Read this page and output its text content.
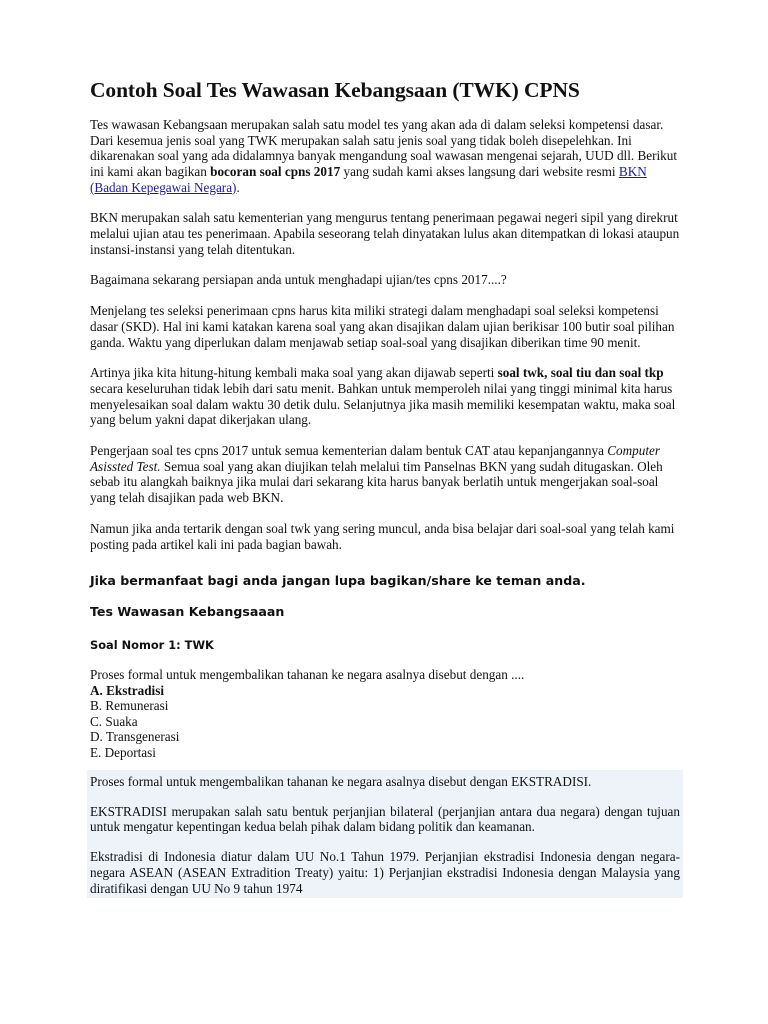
Contoh Soal Tes Wawasan Kebangsaan (TWK) CPNS

Tes wawasan Kebangsaan merupakan salah satu model tes yang akan ada di dalam seleksi kompetensi dasar. Dari kesemua jenis soal yang TWK merupakan salah satu jenis soal yang tidak boleh disepelehkan. Ini dikarenakan soal yang ada didalamnya banyak mengandung soal wawasan mengenai sejarah, UUD dll. Berikut ini kami akan bagikan bocoran soal cpns 2017 yang sudah kami akses langsung dari website resmi BKN (Badan Kepegawai Negara).

BKN merupakan salah satu kementerian yang mengurus tentang penerimaan pegawai negeri sipil yang direkrut melalui ujian atau tes penerimaan. Apabila seseorang telah dinyatakan lulus akan ditempatkan di lokasi ataupun instansi-instansi yang telah ditentukan.

Bagaimana sekarang persiapan anda untuk menghadapi ujian/tes cpns 2017....?

Menjelang tes seleksi penerimaan cpns harus kita miliki strategi dalam menghadapi soal seleksi kompetensi dasar (SKD). Hal ini kami katakan karena soal yang akan disajikan dalam ujian berikisar 100 butir soal pilihan ganda. Waktu yang diperlukan dalam menjawab setiap soal-soal yang disajikan diberikan time 90 menit.

Artinya jika kita hitung-hitung kembali maka soal yang akan dijawab seperti soal twk, soal tiu dan soal tkp secara keseluruhan tidak lebih dari satu menit. Bahkan untuk memperoleh nilai yang tinggi minimal kita harus menyelesaikan soal dalam waktu 30 detik dulu. Selanjutnya jika masih memiliki kesempatan waktu, maka soal yang belum yakni dapat dikerjakan ulang.

Pengerjaan soal tes cpns 2017 untuk semua kementerian dalam bentuk CAT atau kepanjangannya Computer Asissted Test. Semua soal yang akan diujikan telah melalui tim Panselnas BKN yang sudah ditugaskan. Oleh sebab itu alangkah baiknya jika mulai dari sekarang kita harus banyak berlatih untuk mengerjakan soal-soal yang telah disajikan pada web BKN.

Namun jika anda tertarik dengan soal twk yang sering muncul, anda bisa belajar dari soal-soal yang telah kami posting pada artikel kali ini pada bagian bawah.

Jika bermanfaat bagi anda jangan lupa bagikan/share ke teman anda.
Tes Wawasan Kebangsaaan
Soal Nomor 1: TWK

Proses formal untuk mengembalikan tahanan ke negara asalnya disebut dengan ....

A. Ekstradisi
B. Remunerasi
C. Suaka
D. Transgenerasi
E. Deportasi

Proses formal untuk mengembalikan tahanan ke negara asalnya disebut dengan EKSTRADISI.

EKSTRADISI merupakan salah satu bentuk perjanjian bilateral (perjanjian antara dua negara) dengan tujuan untuk mengatur kepentingan kedua belah pihak dalam bidang politik dan keamanan.

Ekstradisi di Indonesia diatur dalam UU No.1 Tahun 1979. Perjanjian ekstradisi Indonesia dengan negara-negara ASEAN (ASEAN Extradition Treaty) yaitu: 1) Perjanjian ekstradisi Indonesia dengan Malaysia yang diratifikasi dengan UU No 9 tahun 1974
